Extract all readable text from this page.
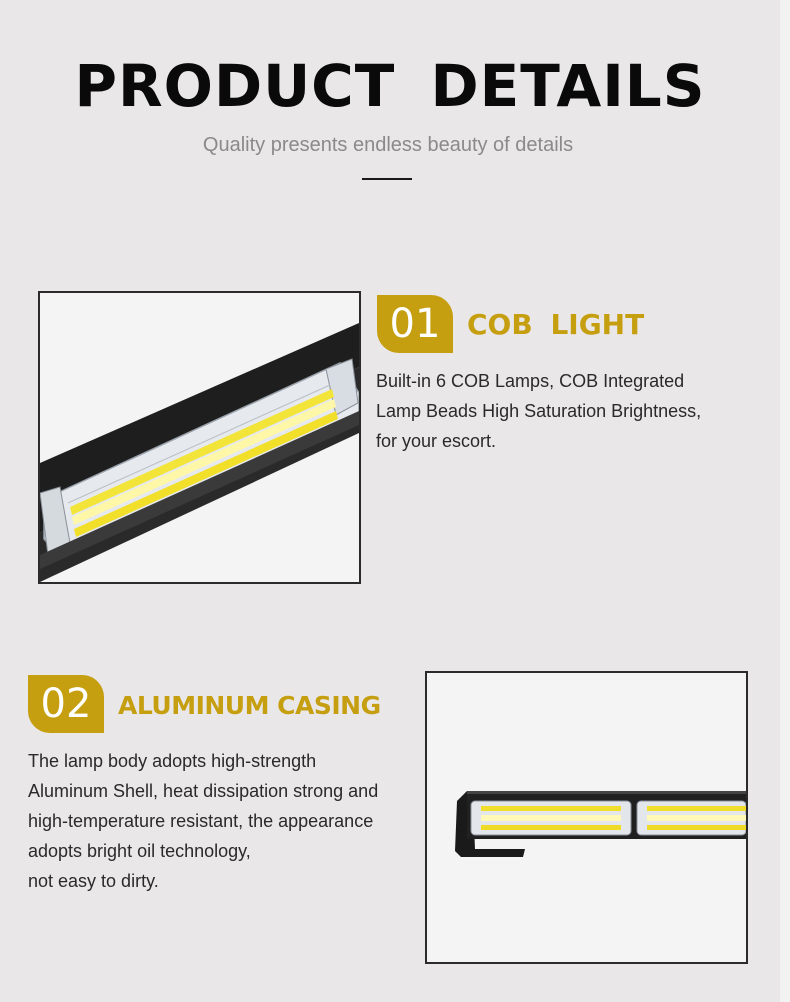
PRODUCT DETAILS
Quality presents endless beauty of details
01 COB LIGHT
Built-in 6 COB Lamps, COB Integrated
Lamp Beads High Saturation Brightness,
for your escort.
02	ALUMINUM CASING
The lamp body adopts high-strength
Aluminum Shell, heat dissipation strong and
high-temperature resistant, the appearance
adopts bright oil technology,
not easy to dirty.
